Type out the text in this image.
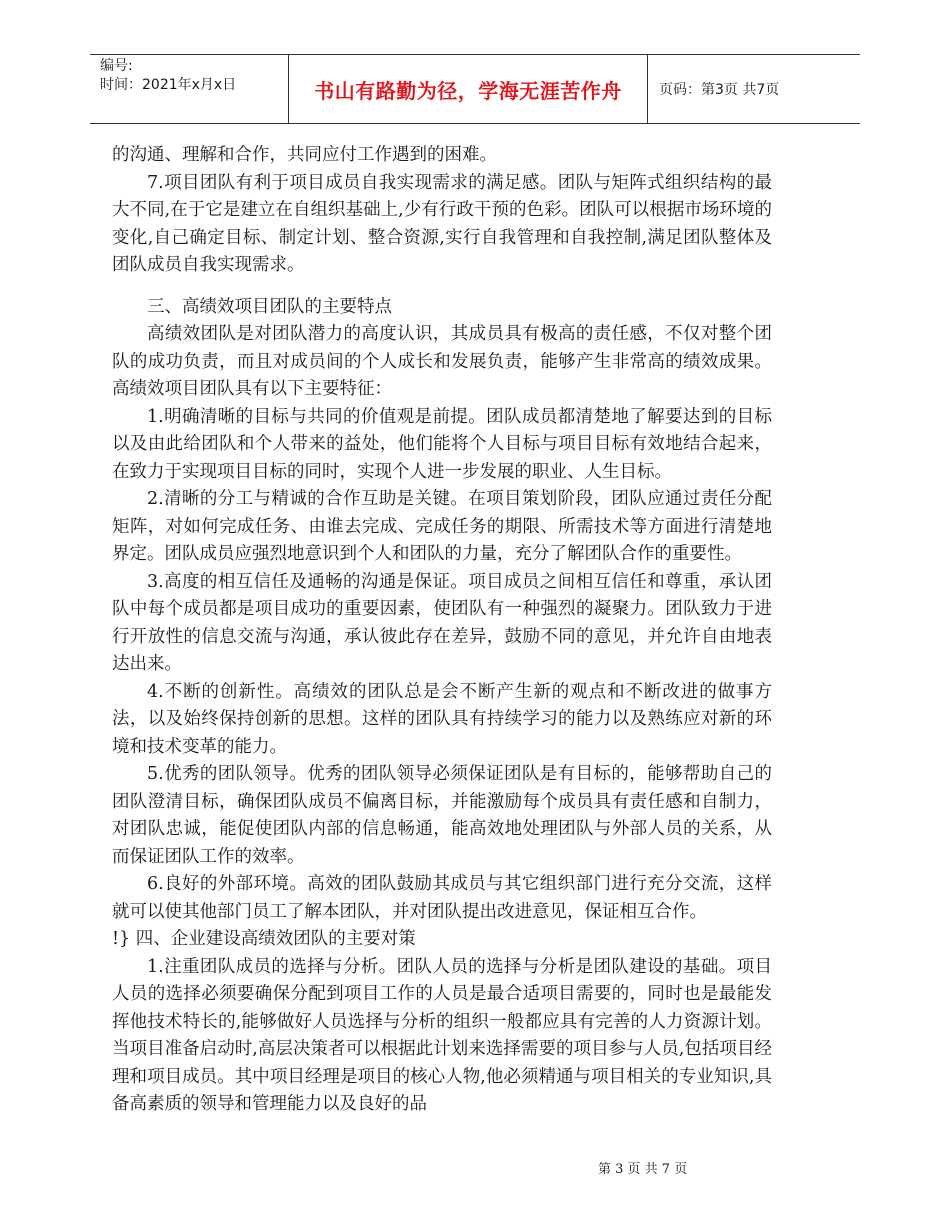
编号:
时间：2021年x月x日	书山有路勤为径，学海无涯苦作舟	页码：第3页 共7页

的沟通、理解和合作，共同应付工作遇到的困难。

7.项目团队有利于项目成员自我实现需求的满足感。团队与矩阵式组织结构的最大不同,在于它是建立在自组织基础上,少有行政干预的色彩。团队可以根据市场环境的变化,自己确定目标、制定计划、整合资源,实行自我管理和自我控制,满足团队整体及团队成员自我实现需求。

三、高绩效项目团队的主要特点

高绩效团队是对团队潜力的高度认识，其成员具有极高的责任感，不仅对整个团队的成功负责，而且对成员间的个人成长和发展负责，能够产生非常高的绩效成果。高绩效项目团队具有以下主要特征：

1.明确清晰的目标与共同的价值观是前提。团队成员都清楚地了解要达到的目标以及由此给团队和个人带来的益处，他们能将个人目标与项目目标有效地结合起来，在致力于实现项目目标的同时，实现个人进一步发展的职业、人生目标。

2.清晰的分工与精诚的合作互助是关键。在项目策划阶段，团队应通过责任分配矩阵，对如何完成任务、由谁去完成、完成任务的期限、所需技术等方面进行清楚地界定。团队成员应强烈地意识到个人和团队的力量，充分了解团队合作的重要性。

3.高度的相互信任及通畅的沟通是保证。项目成员之间相互信任和尊重，承认团队中每个成员都是项目成功的重要因素，使团队有一种强烈的凝聚力。团队致力于进行开放性的信息交流与沟通，承认彼此存在差异，鼓励不同的意见，并允许自由地表达出来。

4.不断的创新性。高绩效的团队总是会不断产生新的观点和不断改进的做事方法，以及始终保持创新的思想。这样的团队具有持续学习的能力以及熟练应对新的环境和技术变革的能力。

5.优秀的团队领导。优秀的团队领导必须保证团队是有目标的，能够帮助自己的团队澄清目标，确保团队成员不偏离目标，并能激励每个成员具有责任感和自制力，对团队忠诚，能促使团队内部的信息畅通，能高效地处理团队与外部人员的关系，从而保证团队工作的效率。

6.良好的外部环境。高效的团队鼓励其成员与其它组织部门进行充分交流，这样就可以使其他部门员工了解本团队，并对团队提出改进意见，保证相互合作。

!} 四、企业建设高绩效团队的主要对策

1.注重团队成员的选择与分析。团队人员的选择与分析是团队建设的基础。项目人员的选择必须要确保分配到项目工作的人员是最合适项目需要的，同时也是最能发挥他技术特长的,能够做好人员选择与分析的组织一般都应具有完善的人力资源计划。当项目准备启动时,高层决策者可以根据此计划来选择需要的项目参与人员,包括项目经理和项目成员。其中项目经理是项目的核心人物,他必须精通与项目相关的专业知识,具备高素质的领导和管理能力以及良好的品

第 3 页 共 7 页
